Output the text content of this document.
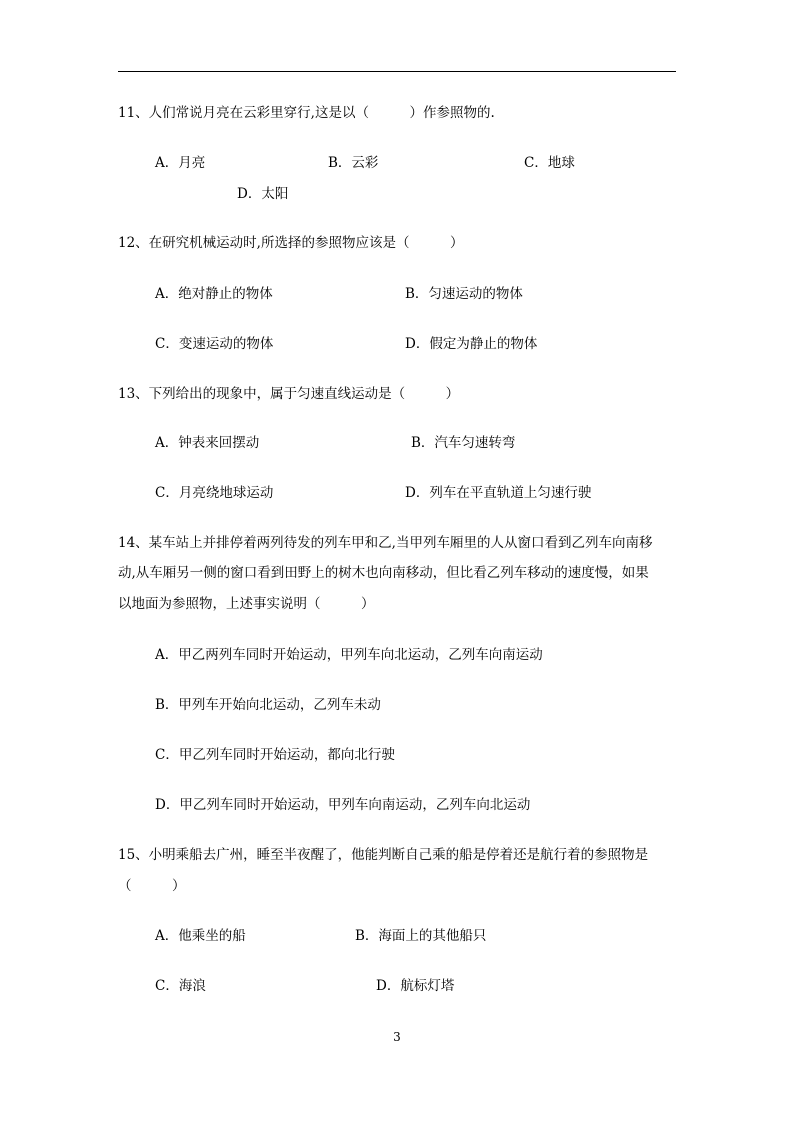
11、人们常说月亮在云彩里穿行,这是以（　　　）作参照物的.
A．月亮	B．云彩	C．地球
D．太阳
12、在研究机械运动时,所选择的参照物应该是（　　　）
A．绝对静止的物体	B．匀速运动的物体
C．变速运动的物体	D．假定为静止的物体
13、下列给出的现象中，属于匀速直线运动是（　　　）
A．钟表来回摆动	B．汽车匀速转弯
C．月亮绕地球运动	D．列车在平直轨道上匀速行驶
14、某车站上并排停着两列待发的列车甲和乙,当甲列车厢里的人从窗口看到乙列车向南移
动,从车厢另一侧的窗口看到田野上的树木也向南移动，但比看乙列车移动的速度慢，如果
以地面为参照物，上述事实说明（　　　）
A．甲乙两列车同时开始运动，甲列车向北运动，乙列车向南运动
B．甲列车开始向北运动，乙列车未动
C．甲乙列车同时开始运动，都向北行驶
D．甲乙列车同时开始运动，甲列车向南运动，乙列车向北运动
15、小明乘船去广州，睡至半夜醒了，他能判断自己乘的船是停着还是航行着的参照物是
（　　　）
A．他乘坐的船	B．海面上的其他船只
C．海浪	D．航标灯塔
3
